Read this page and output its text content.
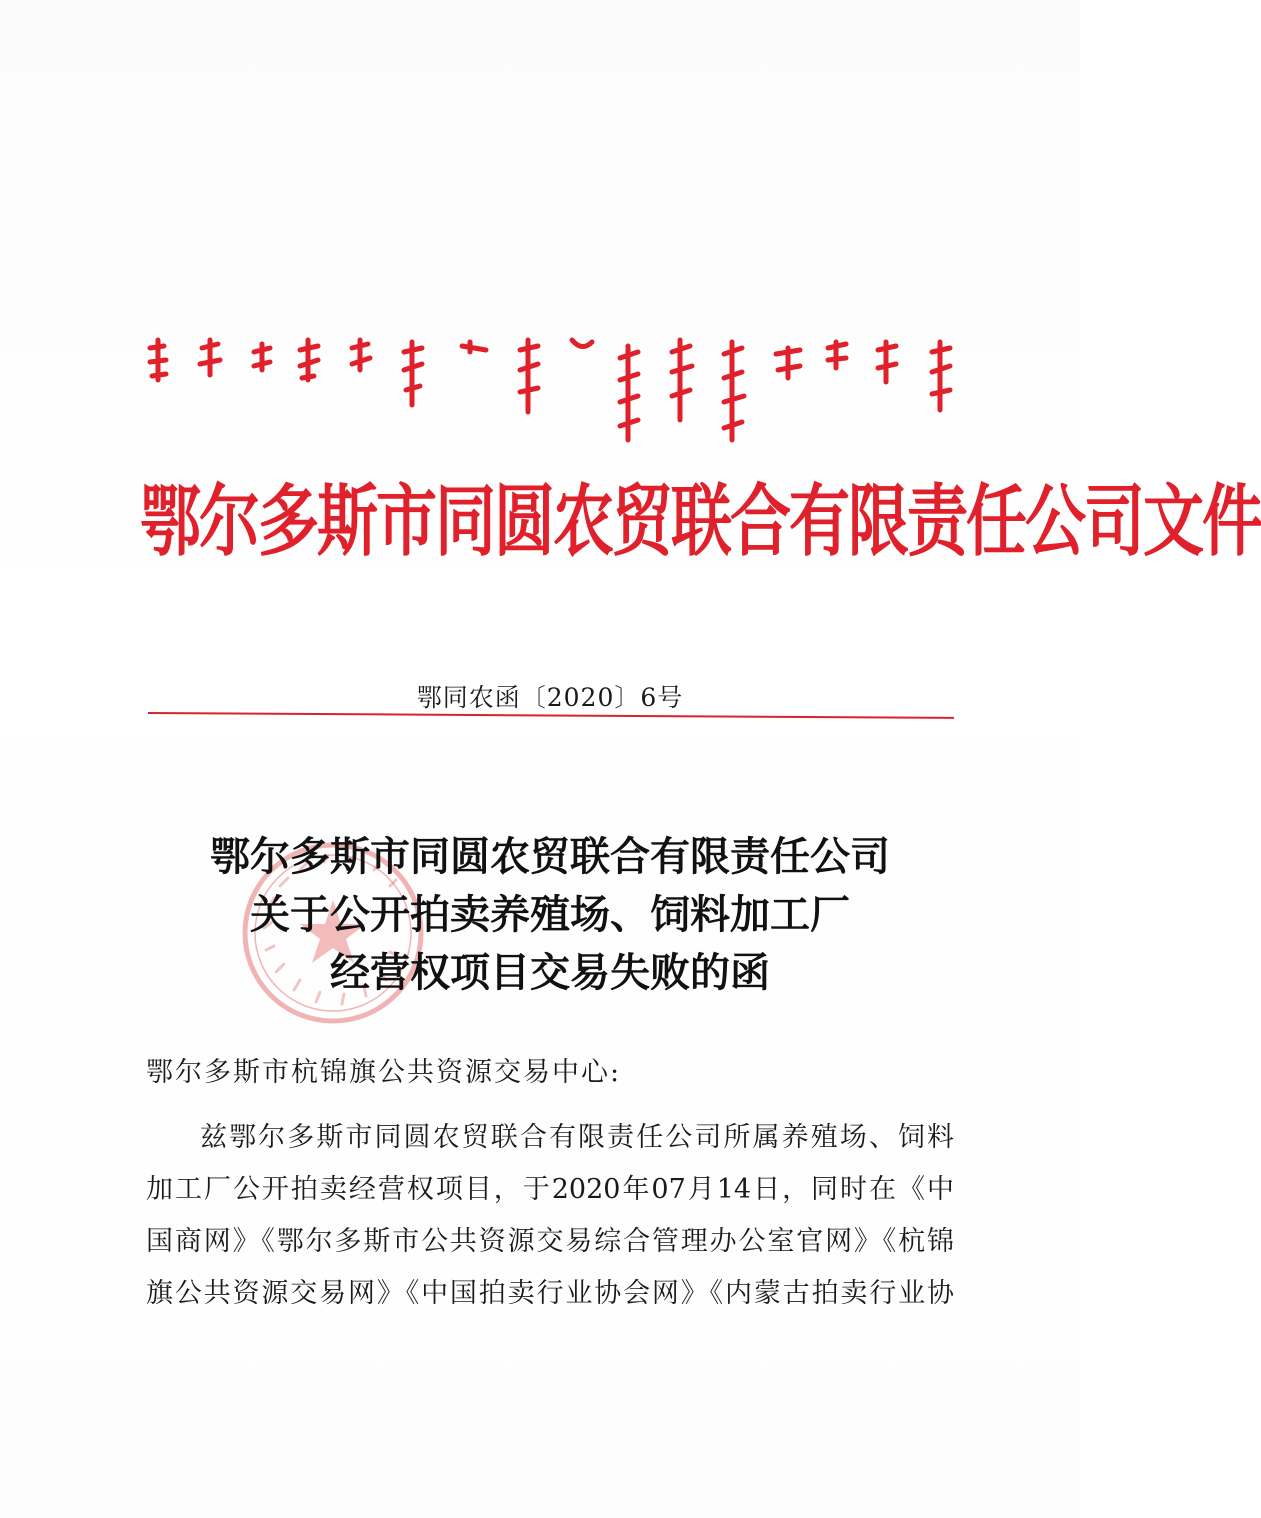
鄂尔多斯市同圆农贸联合有限责任公司文件
鄂同农函〔2020〕6号
鄂尔多斯市同圆农贸联合有限责任公司
关于公开拍卖养殖场、饲料加工厂
经营权项目交易失败的函
鄂尔多斯市杭锦旗公共资源交易中心:
兹鄂尔多斯市同圆农贸联合有限责任公司所属养殖场、饲料
加工厂公开拍卖经营权项目，于2020年07月14日，同时在《中
国商网》《鄂尔多斯市公共资源交易综合管理办公室官网》《杭锦
旗公共资源交易网》《中国拍卖行业协会网》《内蒙古拍卖行业协
